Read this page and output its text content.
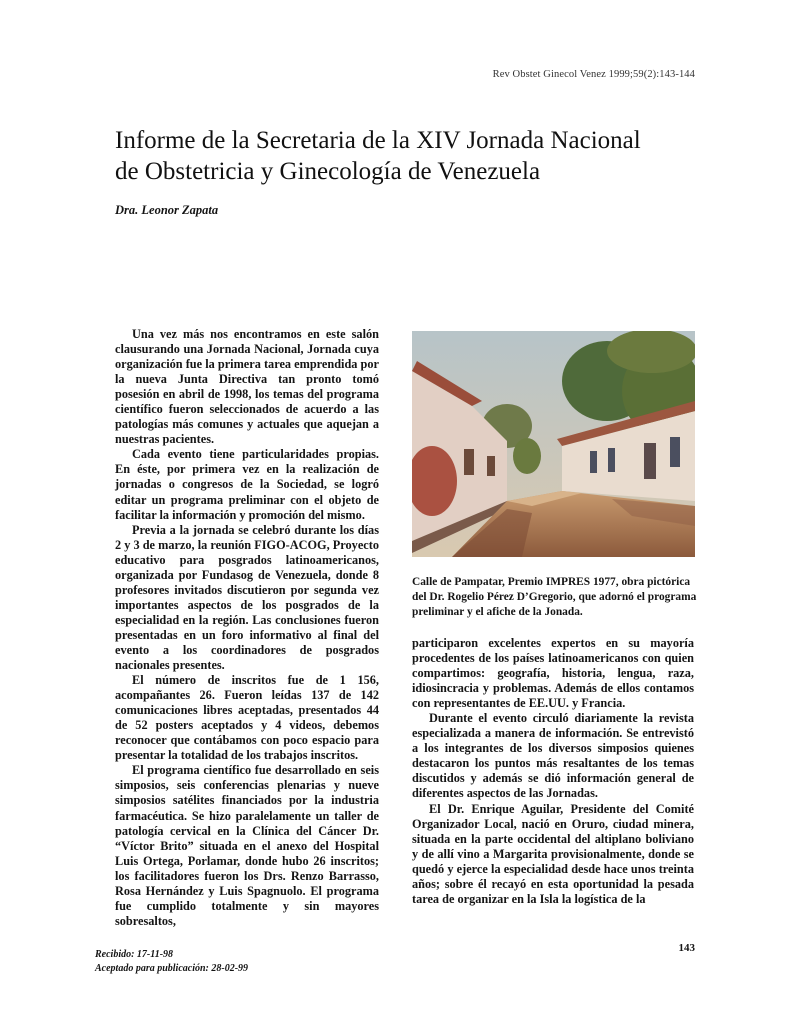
Rev Obstet Ginecol Venez 1999;59(2):143-144
Informe de la Secretaria de la XIV Jornada Nacional
de Obstetricia y Ginecología de Venezuela
Dra. Leonor Zapata

Una vez más nos encontramos en este salón clausurando una Jornada Nacional, Jornada cuya organización fue la primera tarea emprendida por la nueva Junta Directiva tan pronto tomó posesión en abril de 1998, los temas del programa científico fueron seleccionados de acuerdo a las patologías más comunes y actuales que aquejan a nuestras pacientes.

Cada evento tiene particularidades propias. En éste, por primera vez en la realización de jornadas o congresos de la Sociedad, se logró editar un programa preliminar con el objeto de facilitar la información y promoción del mismo.

Previa a la jornada se celebró durante los días 2 y 3 de marzo, la reunión FIGO-ACOG, Proyecto educativo para posgrados latinoamericanos, organizada por Fundasog de Venezuela, donde 8 profesores invitados discutieron por segunda vez importantes aspectos de los posgrados de la especialidad en la región. Las conclusiones fueron presentadas en un foro informativo al final del evento a los coordinadores de posgrados nacionales presentes.

El número de inscritos fue de 1 156, acompañantes 26. Fueron leídas 137 de 142 comunicaciones libres aceptadas, presentados 44 de 52 posters aceptados y 4 videos, debemos reconocer que contábamos con poco espacio para presentar la totalidad de los trabajos inscritos.

El programa científico fue desarrollado en seis simposios, seis conferencias plenarias y nueve simposios satélites financiados por la industria farmacéutica. Se hizo paralelamente un taller de patología cervical en la Clínica del Cáncer Dr. “Víctor Brito” situada en el anexo del Hospital Luis Ortega, Porlamar, donde hubo 26 inscritos; los facilitadores fueron los Drs. Renzo Barrasso, Rosa Hernández y Luis Spagnuolo. El programa fue cumplido totalmente y sin mayores sobresaltos,

Calle de Pampatar, Premio IMPRES 1977, obra pictórica del Dr. Rogelio Pérez D’Gregorio, que adornó el programa preliminar y el afiche de la Jonada.

participaron excelentes expertos en su mayoría procedentes de los países latinoamericanos con quien compartimos: geografía, historia, lengua, raza, idiosincracia y problemas. Además de ellos contamos con representantes de EE.UU. y Francia.

Durante el evento circuló diariamente la revista especializada a manera de información. Se entrevistó a los integrantes de los diversos simposios quienes destacaron los puntos más resaltantes de los temas discutidos y además se dió información general de diferentes aspectos de las Jornadas.

El Dr. Enrique Aguilar, Presidente del Comité Organizador Local, nació en Oruro, ciudad minera, situada en la parte occidental del altiplano boliviano y de allí vino a Margarita provisionalmente, donde se quedó y ejerce la especialidad desde hace unos treinta años; sobre él recayó en esta oportunidad la pesada tarea de organizar en la Isla la logística de la

143
Recibido: 17-11-98
Aceptado para publicación: 28-02-99
